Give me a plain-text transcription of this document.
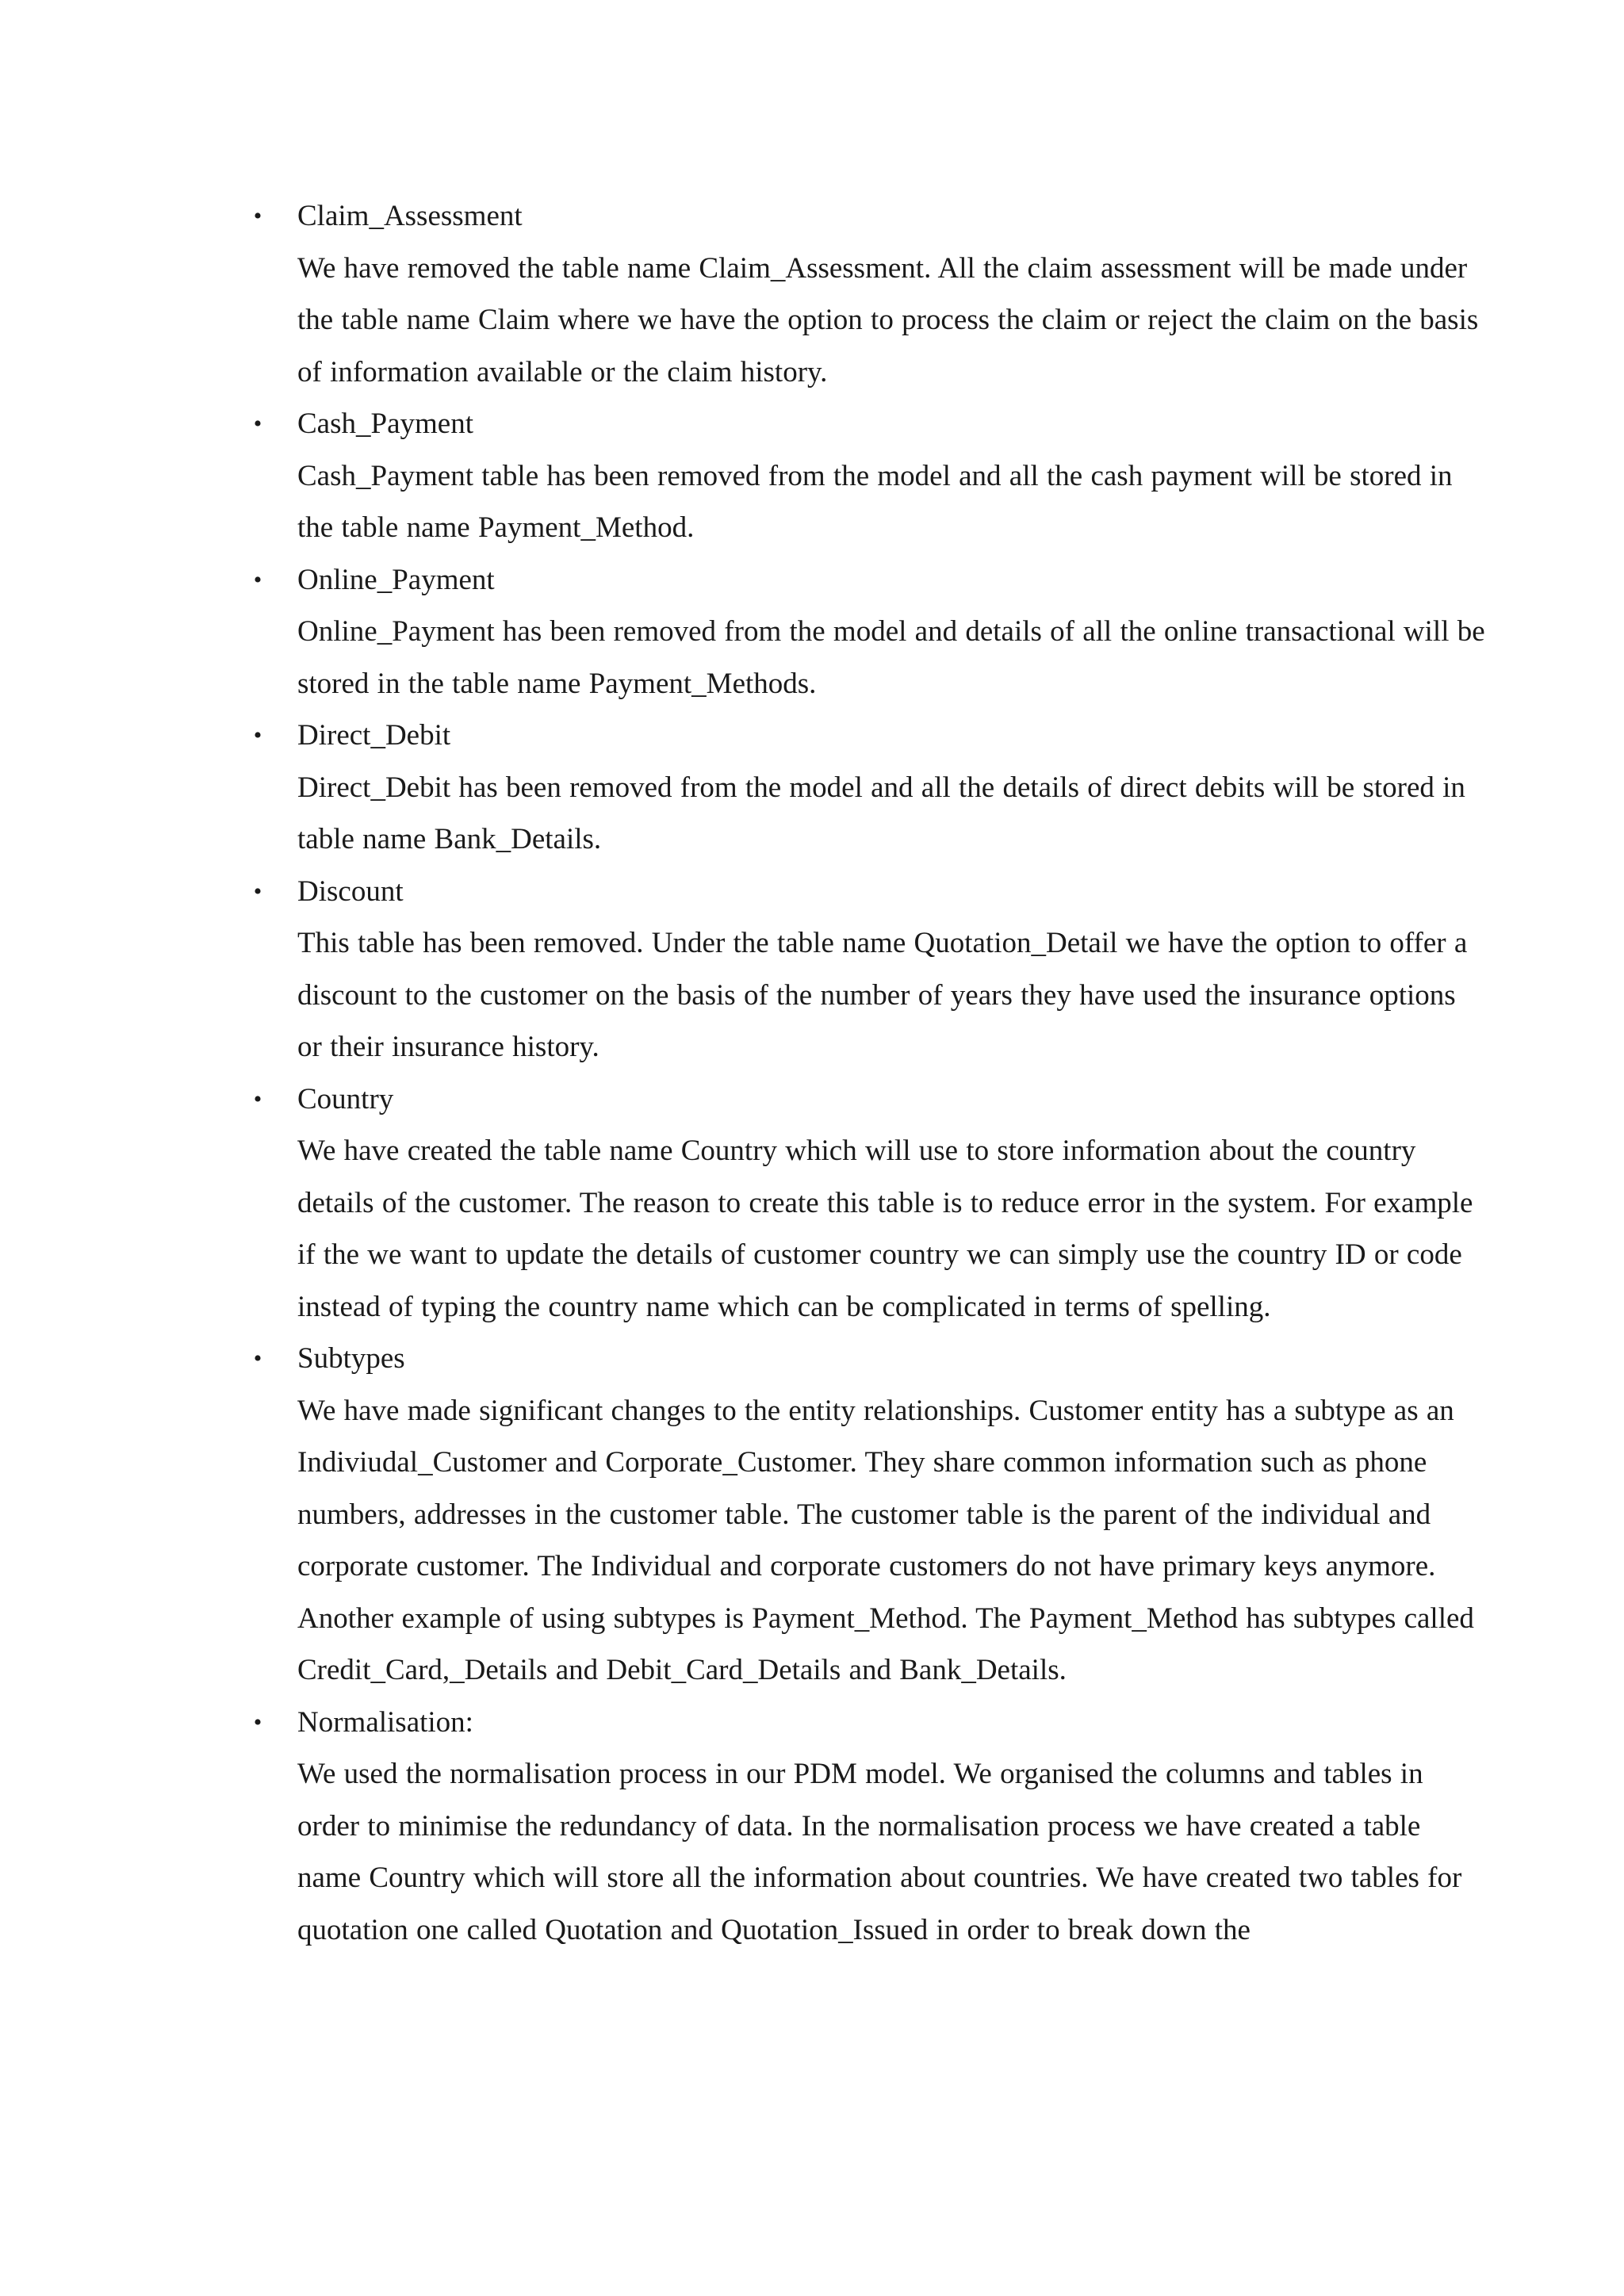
• Claim_Assessment
We have removed the table name Claim_Assessment. All the claim assessment will be made under the table name Claim where we have the option to process the claim or reject the claim on the basis of information available or the claim history.
• Cash_Payment
Cash_Payment table has been removed from the model and all the cash payment will be stored in the table name Payment_Method.
• Online_Payment
Online_Payment has been removed from the model and details of all the online transactional will be stored in the table name Payment_Methods.
• Direct_Debit
Direct_Debit has been removed from the model and all the details of direct debits will be stored in table name Bank_Details.
• Discount
This table has been removed. Under the table name Quotation_Detail we have the option to offer a discount to the customer on the basis of the number of years they have used the insurance options or their insurance history.
• Country
We have created the table name Country which will use to store information about the country details of the customer. The reason to create this table is to reduce error in the system. For example if the we want to update the details of customer country we can simply use the country ID or code instead of typing the country name which can be complicated in terms of spelling.
• Subtypes
We have made significant changes to the entity relationships. Customer entity has a subtype as an Indiviudal_Customer and Corporate_Customer. They share common information such as phone numbers, addresses in the customer table. The customer table is the parent of the individual and corporate customer. The Individual and corporate customers do not have primary keys anymore. Another example of using subtypes is Payment_Method. The Payment_Method has subtypes called Credit_Card,_Details and Debit_Card_Details and Bank_Details.
• Normalisation:
We used the normalisation process in our PDM model. We organised the columns and tables in order to minimise the redundancy of data. In the normalisation process we have created a table name Country which will store all the information about countries. We have created two tables for quotation one called Quotation and Quotation_Issued in order to break down the
